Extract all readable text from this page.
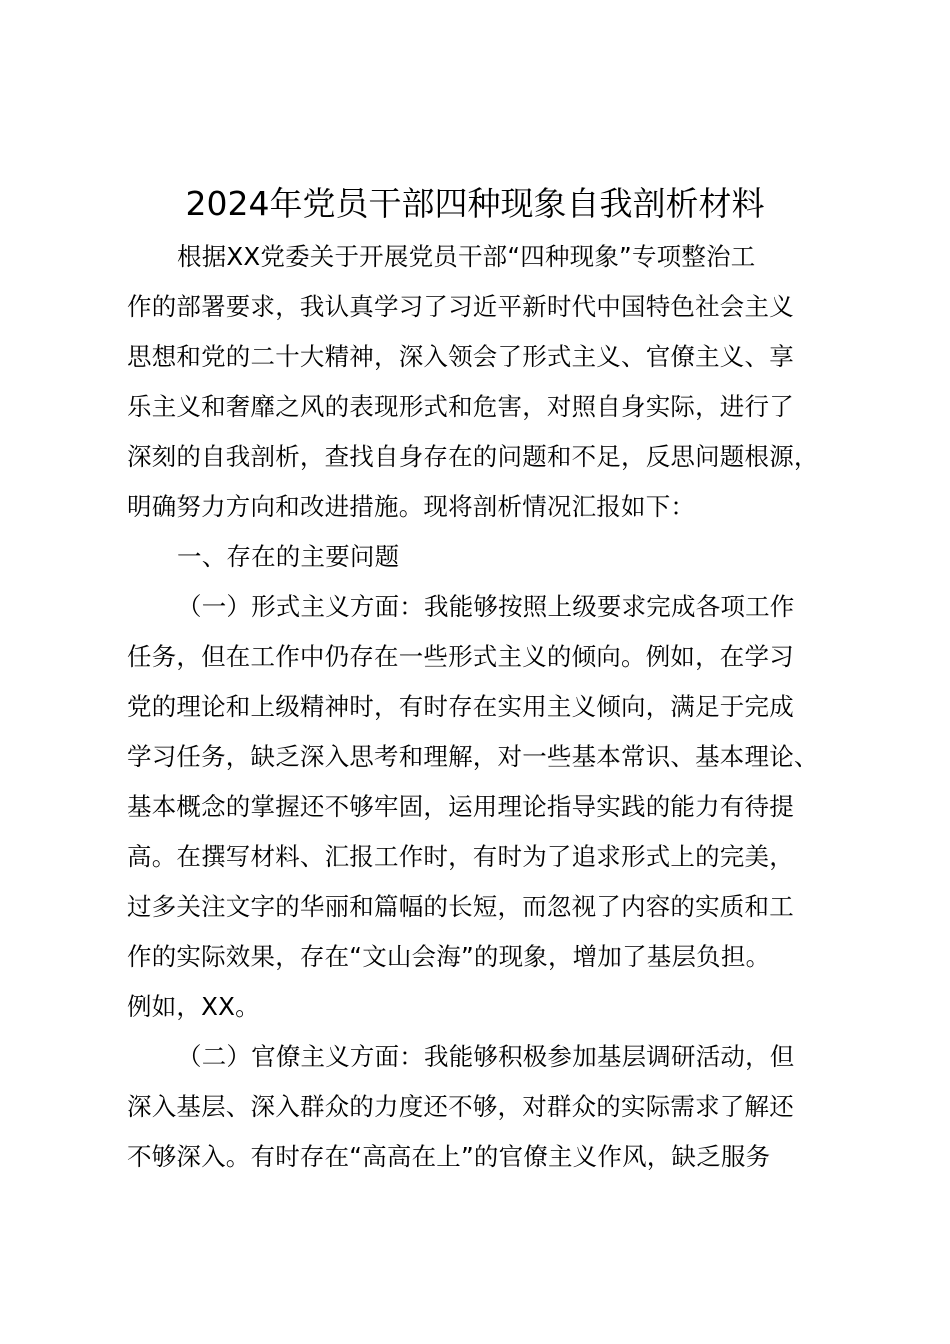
2024年党员干部四种现象自我剖析材料
根据XX党委关于开展党员干部“四种现象”专项整治工
作的部署要求，我认真学习了习近平新时代中国特色社会主义
思想和党的二十大精神，深入领会了形式主义、官僚主义、享
乐主义和奢靡之风的表现形式和危害，对照自身实际，进行了
深刻的自我剖析，查找自身存在的问题和不足，反思问题根源，
明确努力方向和改进措施。现将剖析情况汇报如下：
一、存在的主要问题
（一）形式主义方面：我能够按照上级要求完成各项工作
任务，但在工作中仍存在一些形式主义的倾向。例如，在学习
党的理论和上级精神时，有时存在实用主义倾向，满足于完成
学习任务，缺乏深入思考和理解，对一些基本常识、基本理论、
基本概念的掌握还不够牢固，运用理论指导实践的能力有待提
高。在撰写材料、汇报工作时，有时为了追求形式上的完美，
过多关注文字的华丽和篇幅的长短，而忽视了内容的实质和工
作的实际效果，存在“文山会海”的现象，增加了基层负担。
例如，XX。
（二）官僚主义方面：我能够积极参加基层调研活动，但
深入基层、深入群众的力度还不够，对群众的实际需求了解还
不够深入。有时存在“高高在上”的官僚主义作风，缺乏服务
